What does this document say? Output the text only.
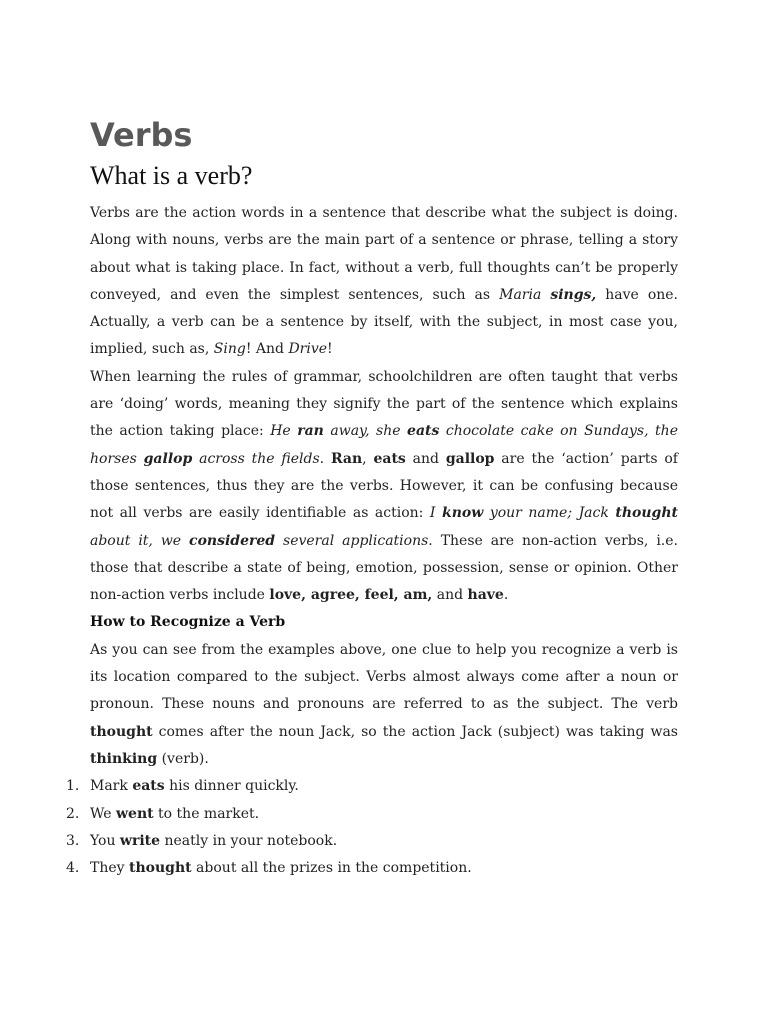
Verbs
What is a verb?

Verbs are the action words in a sentence that describe what the subject is doing. Along with nouns, verbs are the main part of a sentence or phrase, telling a story about what is taking place. In fact, without a verb, full thoughts can’t be properly conveyed, and even the simplest sentences, such as Maria sings, have one. Actually, a verb can be a sentence by itself, with the subject, in most case you, implied, such as, Sing! And Drive!

When learning the rules of grammar, schoolchildren are often taught that verbs are ‘doing’ words, meaning they signify the part of the sentence which explains the action taking place: He ran away, she eats chocolate cake on Sundays, the horses gallop across the fields. Ran, eats and gallop are the ‘action’ parts of those sentences, thus they are the verbs. However, it can be confusing because not all verbs are easily identifiable as action: I know your name; Jack thought about it, we considered several applications. These are non-action verbs, i.e. those that describe a state of being, emotion, possession, sense or opinion. Other non-action verbs include love, agree, feel, am, and have.

How to Recognize a Verb

As you can see from the examples above, one clue to help you recognize a verb is its location compared to the subject. Verbs almost always come after a noun or pronoun. These nouns and pronouns are referred to as the subject. The verb thought comes after the noun Jack, so the action Jack (subject) was taking was thinking (verb).

1. Mark eats his dinner quickly.
2. We went to the market.
3. You write neatly in your notebook.
4. They thought about all the prizes in the competition.
